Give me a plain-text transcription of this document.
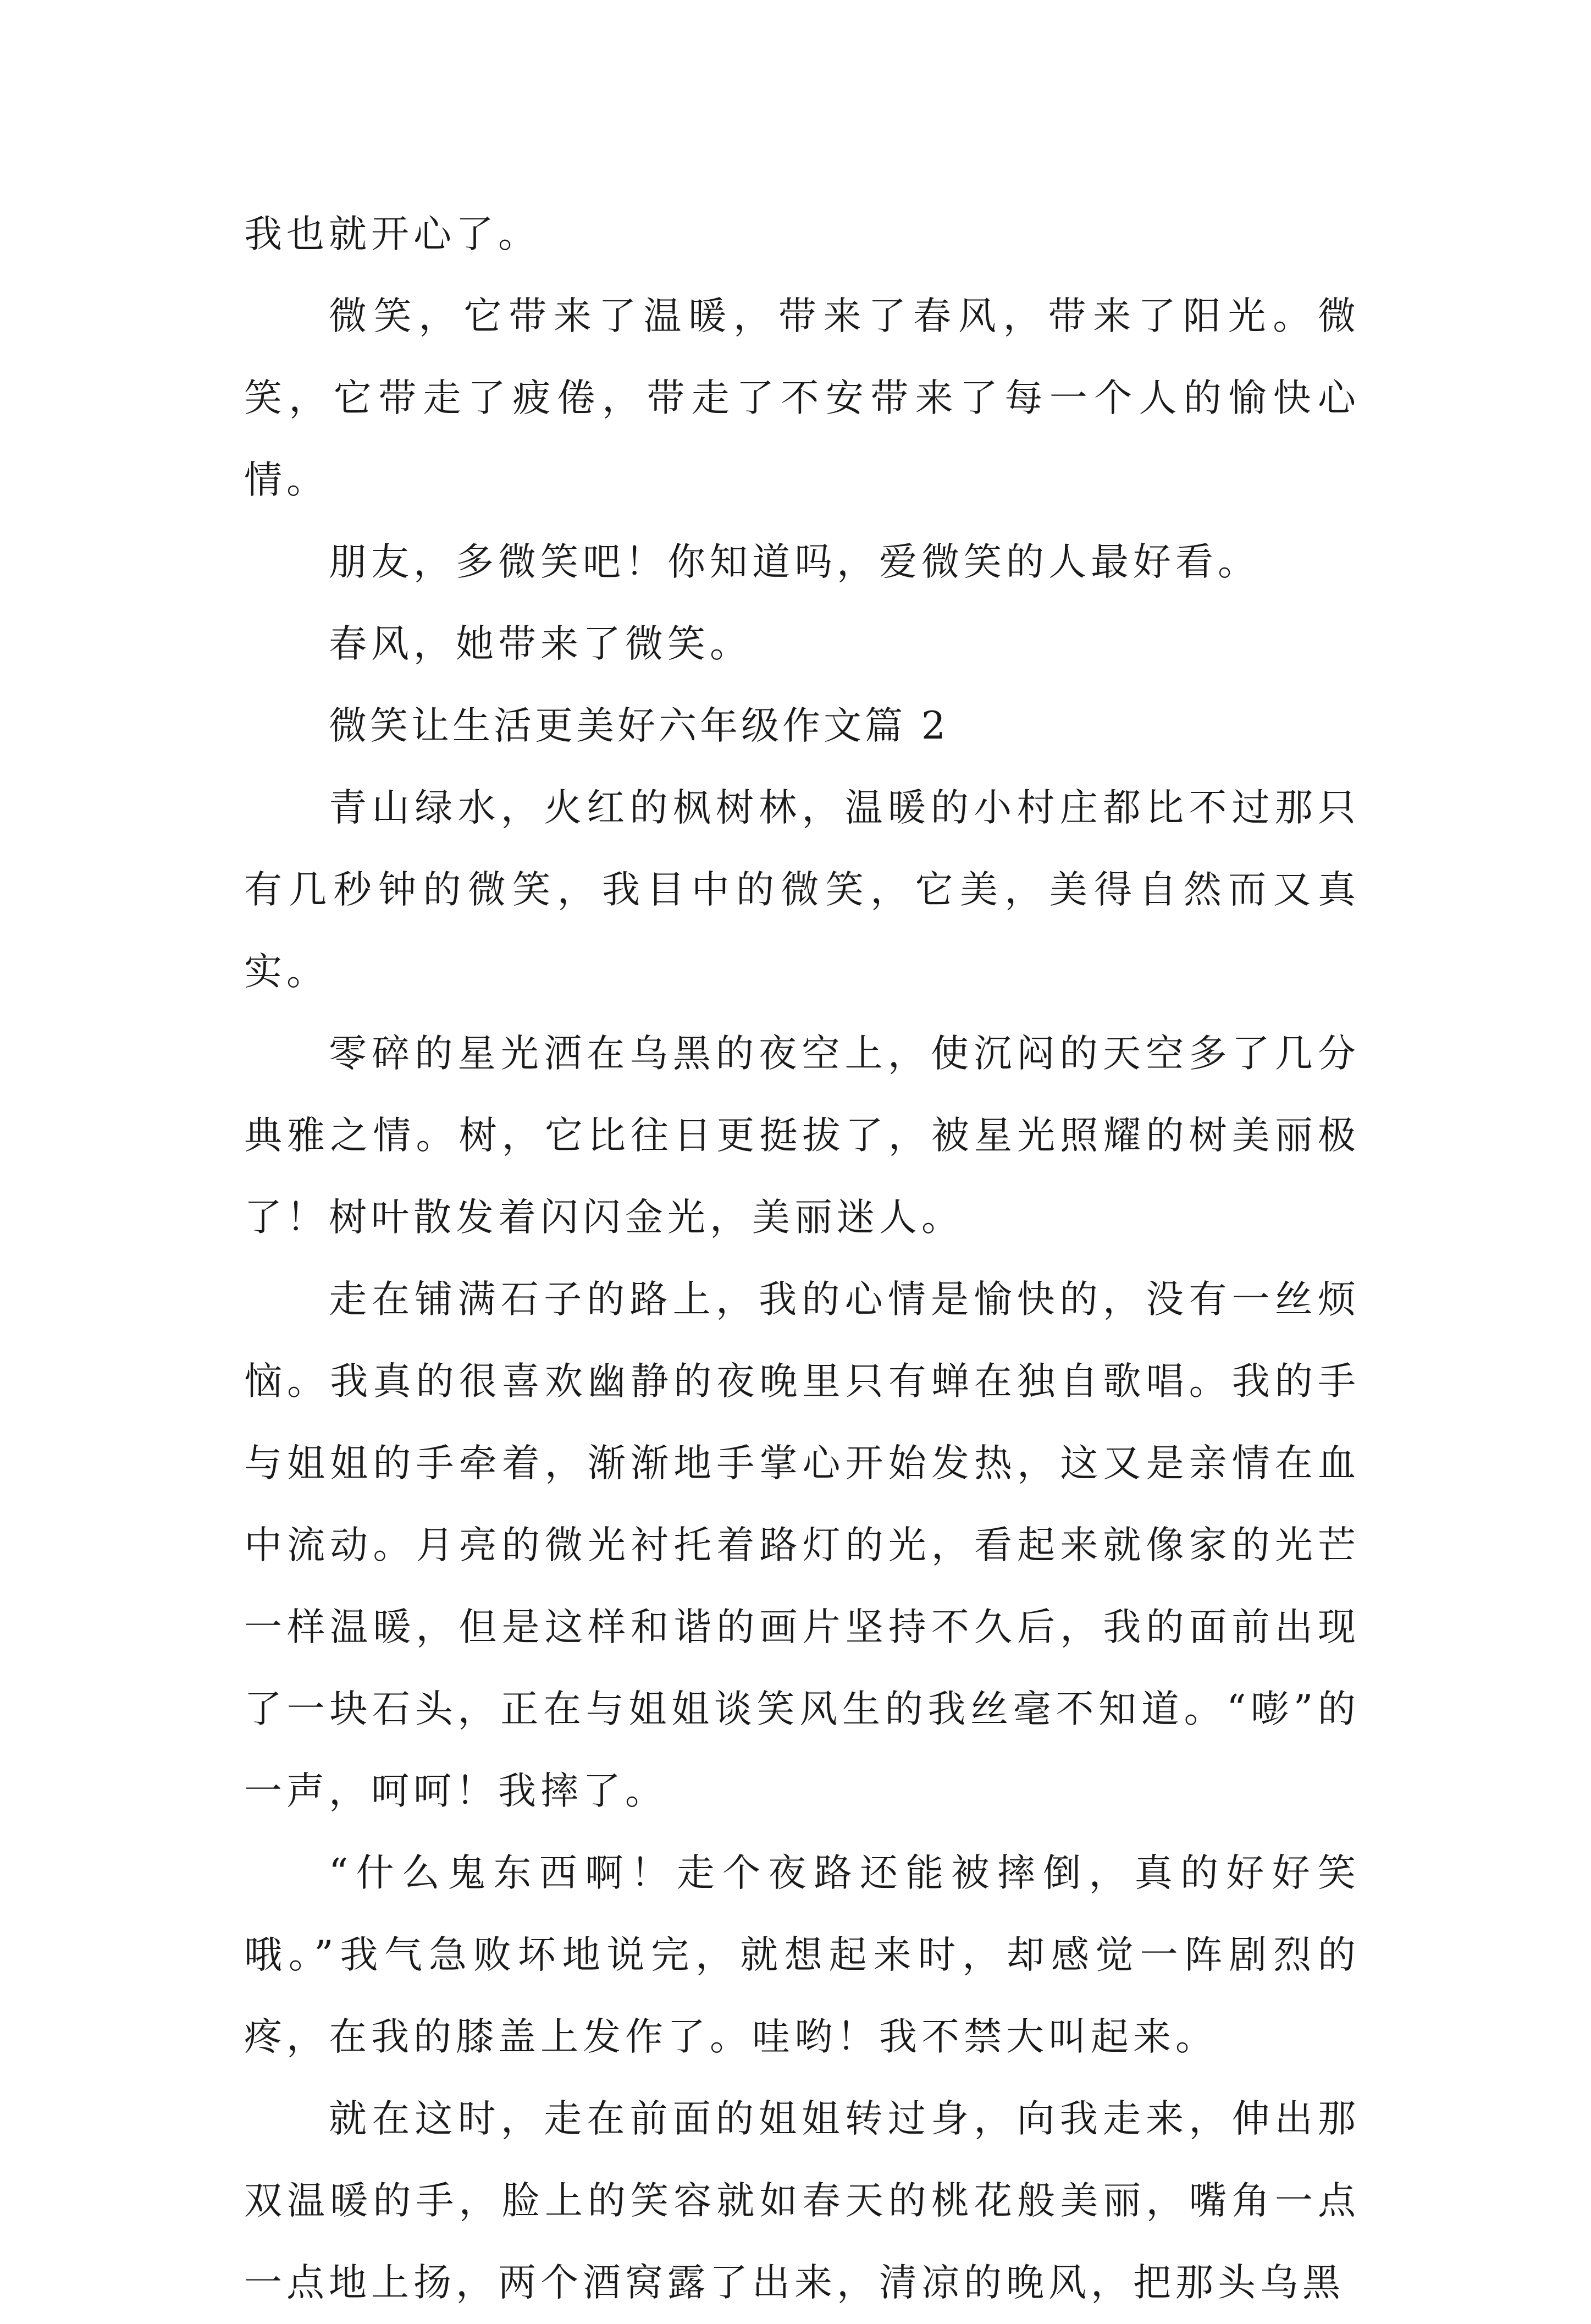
我也就开心了。

微笑，它带来了温暖，带来了春风，带来了阳光。微笑，它带走了疲倦，带走了不安带来了每一个人的愉快心情。

朋友，多微笑吧！你知道吗，爱微笑的人最好看。

春风，她带来了微笑。

微笑让生活更美好六年级作文篇 2

青山绿水，火红的枫树林，温暖的小村庄都比不过那只有几秒钟的微笑，我目中的微笑，它美，美得自然而又真实。

零碎的星光洒在乌黑的夜空上，使沉闷的天空多了几分典雅之情。树，它比往日更挺拔了，被星光照耀的树美丽极了！树叶散发着闪闪金光，美丽迷人。

走在铺满石子的路上，我的心情是愉快的，没有一丝烦恼。我真的很喜欢幽静的夜晚里只有蝉在独自歌唱。我的手与姐姐的手牵着，渐渐地手掌心开始发热，这又是亲情在血中流动。月亮的微光衬托着路灯的光，看起来就像家的光芒一样温暖，但是这样和谐的画片坚持不久后，我的面前出现了一块石头，正在与姐姐谈笑风生的我丝毫不知道。“嘭”的一声，呵呵！我摔了。

“什么鬼东西啊！走个夜路还能被摔倒，真的好好笑哦。”我气急败坏地说完，就想起来时，却感觉一阵剧烈的疼，在我的膝盖上发作了。哇哟！我不禁大叫起来。

就在这时，走在前面的姐姐转过身，向我走来，伸出那双温暖的手，脸上的笑容就如春天的桃花般美丽，嘴角一点一点地上扬，两个酒窝露了出来，清凉的晚风，把那头乌黑
